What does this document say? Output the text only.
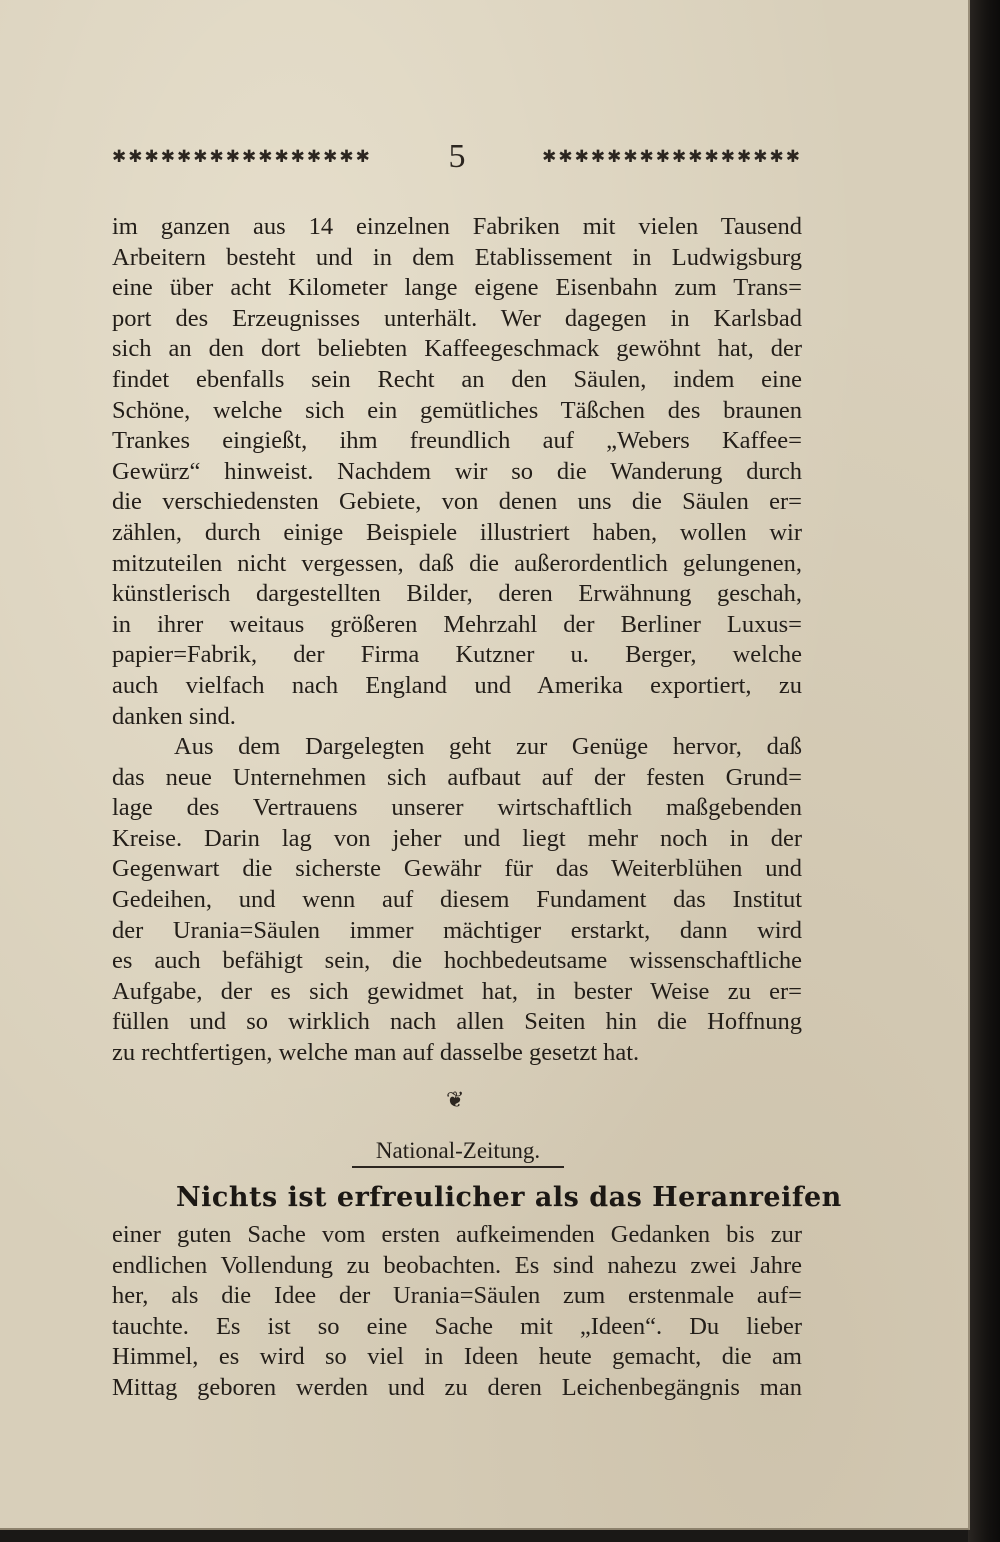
✱✱✱✱✱✱✱✱✱✱✱✱✱✱✱✱ 5	✱✱✱✱✱✱✱✱✱✱✱✱✱✱✱✱
im ganzen aus 14 einzelnen Fabriken mit vielen Tausend
Arbeitern besteht und in dem Etablissement in Ludwigsburg
eine über acht Kilometer lange eigene Eisenbahn zum Trans=
port des Erzeugnisses unterhält. Wer dagegen in Karlsbad
sich an den dort beliebten Kaffeegeschmack gewöhnt hat, der
findet ebenfalls sein Recht an den Säulen, indem eine
Schöne, welche sich ein gemütliches Täßchen des braunen
Trankes eingießt, ihm freundlich auf „Webers Kaffee=
Gewürz“ hinweist. Nachdem wir so die Wanderung durch
die verschiedensten Gebiete, von denen uns die Säulen er=
zählen, durch einige Beispiele illustriert haben, wollen wir
mitzuteilen nicht vergessen, daß die außerordentlich gelungenen,
künstlerisch dargestellten Bilder, deren Erwähnung geschah,
in ihrer weitaus größeren Mehrzahl der Berliner Luxus=
papier=Fabrik, der Firma Kutzner u. Berger, welche
auch vielfach nach England und Amerika exportiert, zu
danken sind.
Aus dem Dargelegten geht zur Genüge hervor, daß
das neue Unternehmen sich aufbaut auf der festen Grund=
lage des Vertrauens unserer wirtschaftlich maßgebenden
Kreise. Darin lag von jeher und liegt mehr noch in der
Gegenwart die sicherste Gewähr für das Weiterblühen und
Gedeihen, und wenn auf diesem Fundament das Institut
der Urania=Säulen immer mächtiger erstarkt, dann wird
es auch befähigt sein, die hochbedeutsame wissenschaftliche
Aufgabe, der es sich gewidmet hat, in bester Weise zu er=
füllen und so wirklich nach allen Seiten hin die Hoffnung
zu rechtfertigen, welche man auf dasselbe gesetzt hat.
❦
National-Zeitung.
Nichts ist erfreulicher als das Heranreifen
einer guten Sache vom ersten aufkeimenden Gedanken bis zur
endlichen Vollendung zu beobachten. Es sind nahezu zwei Jahre
her, als die Idee der Urania=Säulen zum erstenmale auf=
tauchte. Es ist so eine Sache mit „Ideen“. Du lieber
Himmel, es wird so viel in Ideen heute gemacht, die am
Mittag geboren werden und zu deren Leichenbegängnis man
